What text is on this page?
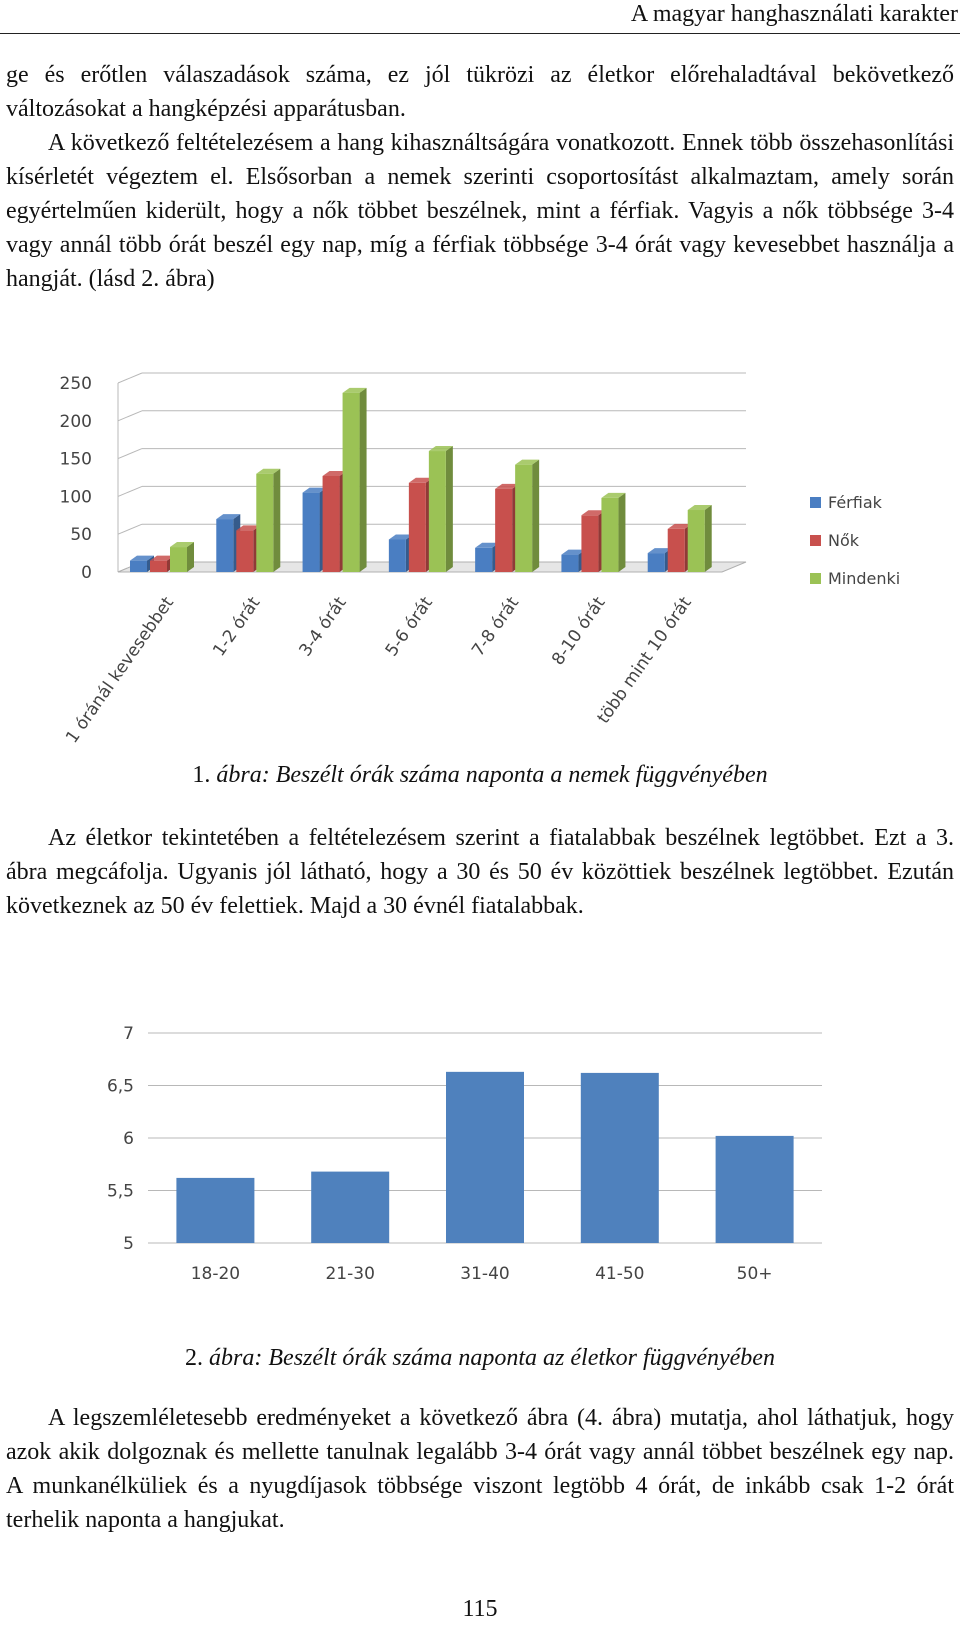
A magyar hanghasználati karakter

ge és erőtlen válaszadások száma, ez jól tükrözi az életkor előrehaladtával bekövetkező változásokat a hangképzési apparátusban.

A következő feltételezésem a hang kihasználtságára vonatkozott. Ennek több összehasonlítási kísérletét végeztem el. Elsősorban a nemek szerinti csoportosítást alkalmaztam, amely során egyértelműen kiderült, hogy a nők többet beszélnek, mint a férfiak. Vagyis a nők többsége 3-4 vagy annál több órát beszél egy nap, míg a férfiak többsége 3-4 órát vagy kevesebbet használja a hangját. (lásd 2. ábra)

0
50
100
150
200
250
1 óránál kevesebbet 1-2 órát 3-4 órát 5-6 órát 7-8 órát 8-10 órát
több mint 10 órát
Férfiak
Nők
Mindenki

1. ábra: Beszélt órák száma naponta a nemek függvényében

Az életkor tekintetében a feltételezésem szerint a fiatalabbak beszélnek legtöbbet. Ezt a 3. ábra megcáfolja. Ugyanis jól látható, hogy a 30 és 50 év közöttiek beszélnek legtöbbet. Ezután következnek az 50 év felettiek. Majd a 30 évnél fiatalabbak.

7
6,5
6
5,5
5
18-20	21-30	31-40	41-50	50+

2. ábra: Beszélt órák száma naponta az életkor függvényében

A legszemléletesebb eredményeket a következő ábra (4. ábra) mutatja, ahol láthatjuk, hogy azok akik dolgoznak és mellette tanulnak legalább 3-4 órát vagy annál többet beszélnek egy nap. A munkanélküliek és a nyugdíjasok többsége viszont legtöbb 4 órát, de inkább csak 1-2 órát terhelik naponta a hangjukat.

115
